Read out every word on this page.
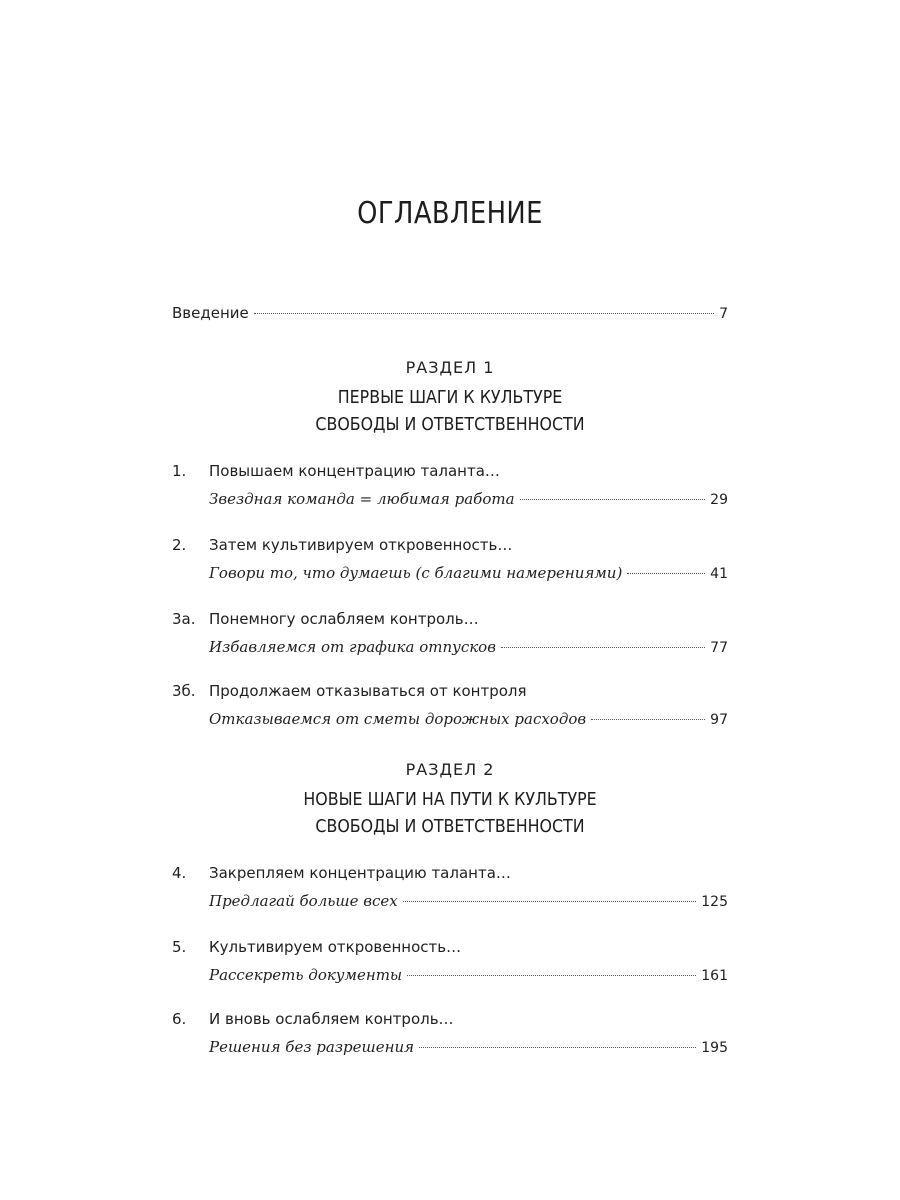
ОГЛАВЛЕНИЕ
Введение	7
РАЗДЕЛ 1
ПЕРВЫЕ ШАГИ К КУЛЬТУРЕ
СВОБОДЫ И ОТВЕТСТВЕННОСТИ
1.	Повышаем концентрацию таланта…
Звездная команда = любимая работа	29
2.	Затем культивируем откровенность…
Говори то, что думаешь (с благими намерениями)	41
3а. Понемногу ослабляем контроль…
Избавляемся от графика отпусков	77
3б. Продолжаем отказываться от контроля
Отказываемся от сметы дорожных расходов	97
РАЗДЕЛ 2
НОВЫЕ ШАГИ НА ПУТИ К КУЛЬТУРЕ
СВОБОДЫ И ОТВЕТСТВЕННОСТИ
4.	Закрепляем концентрацию таланта…
Предлагай больше всех	125
5.	Культивируем откровенность…
Рассекреть документы	161
6.	И вновь ослабляем контроль…
Решения без разрешения	195
